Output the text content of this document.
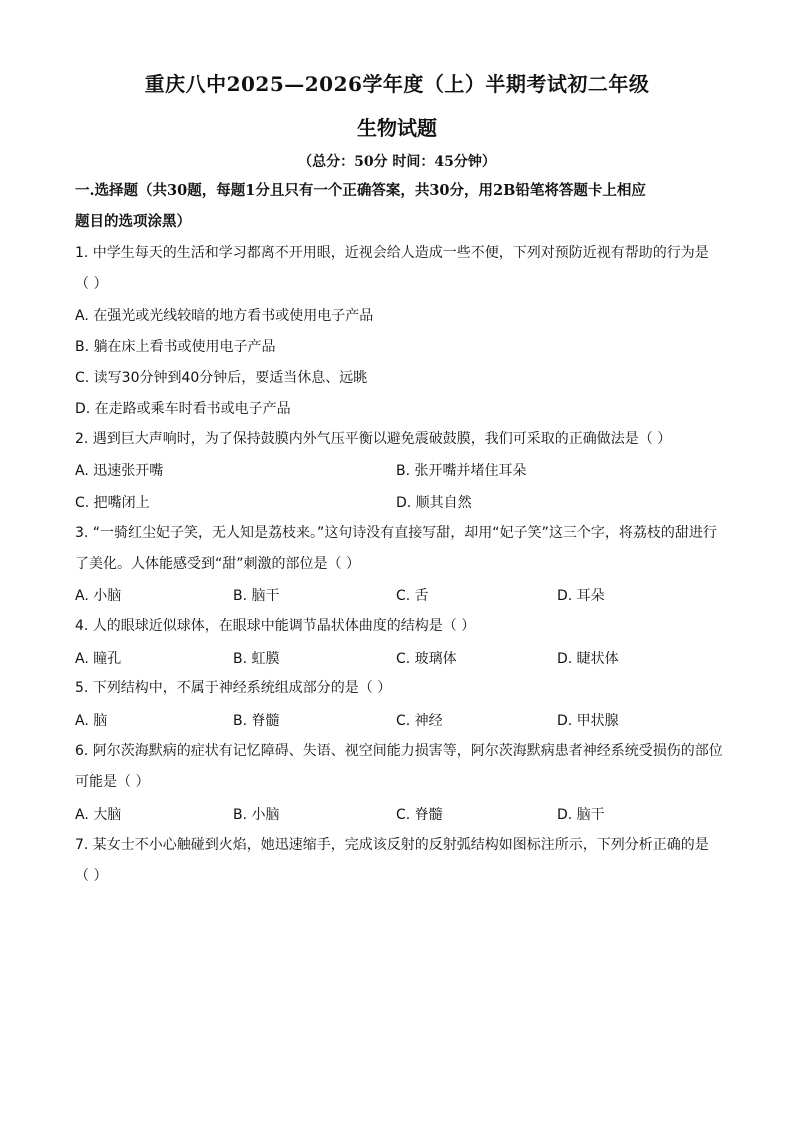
重庆八中2025—2026学年度（上）半期考试初二年级
生物试题
（总分：50分 时间：45分钟）
一.选择题（共30题，每题1分且只有一个正确答案，共30分，用2B铅笔将答题卡上相应
题目的选项涂黑）
1. 中学生每天的生活和学习都离不开用眼，近视会给人造成一些不便，下列对预防近视有帮助的行为是
（ ）
A. 在强光或光线较暗的地方看书或使用电子产品
B. 躺在床上看书或使用电子产品
C. 读写30分钟到40分钟后，要适当休息、远眺
D. 在走路或乘车时看书或电子产品
2. 遇到巨大声响时，为了保持鼓膜内外气压平衡以避免震破鼓膜，我们可采取的正确做法是（ ）
A. 迅速张开嘴	B. 张开嘴并堵住耳朵
C. 把嘴闭上	D. 顺其自然
3. “一骑红尘妃子笑，无人知是荔枝来。”这句诗没有直接写甜，却用“妃子笑”这三个字，将荔枝的甜进行
了美化。人体能感受到“甜”刺激的部位是（ ）
A. 小脑	B. 脑干	C. 舌	D. 耳朵
4. 人的眼球近似球体，在眼球中能调节晶状体曲度的结构是（ ）
A. 瞳孔	B. 虹膜	C. 玻璃体	D. 睫状体
5. 下列结构中，不属于神经系统组成部分的是（ ）
A. 脑	B. 脊髓	C. 神经	D. 甲状腺
6. 阿尔茨海默病的症状有记忆障碍、失语、视空间能力损害等，阿尔茨海默病患者神经系统受损伤的部位
可能是（ ）
A. 大脑	B. 小脑	C. 脊髓	D. 脑干
7. 某女士不小心触碰到火焰，她迅速缩手，完成该反射的反射弧结构如图标注所示，下列分析正确的是
（ ）
